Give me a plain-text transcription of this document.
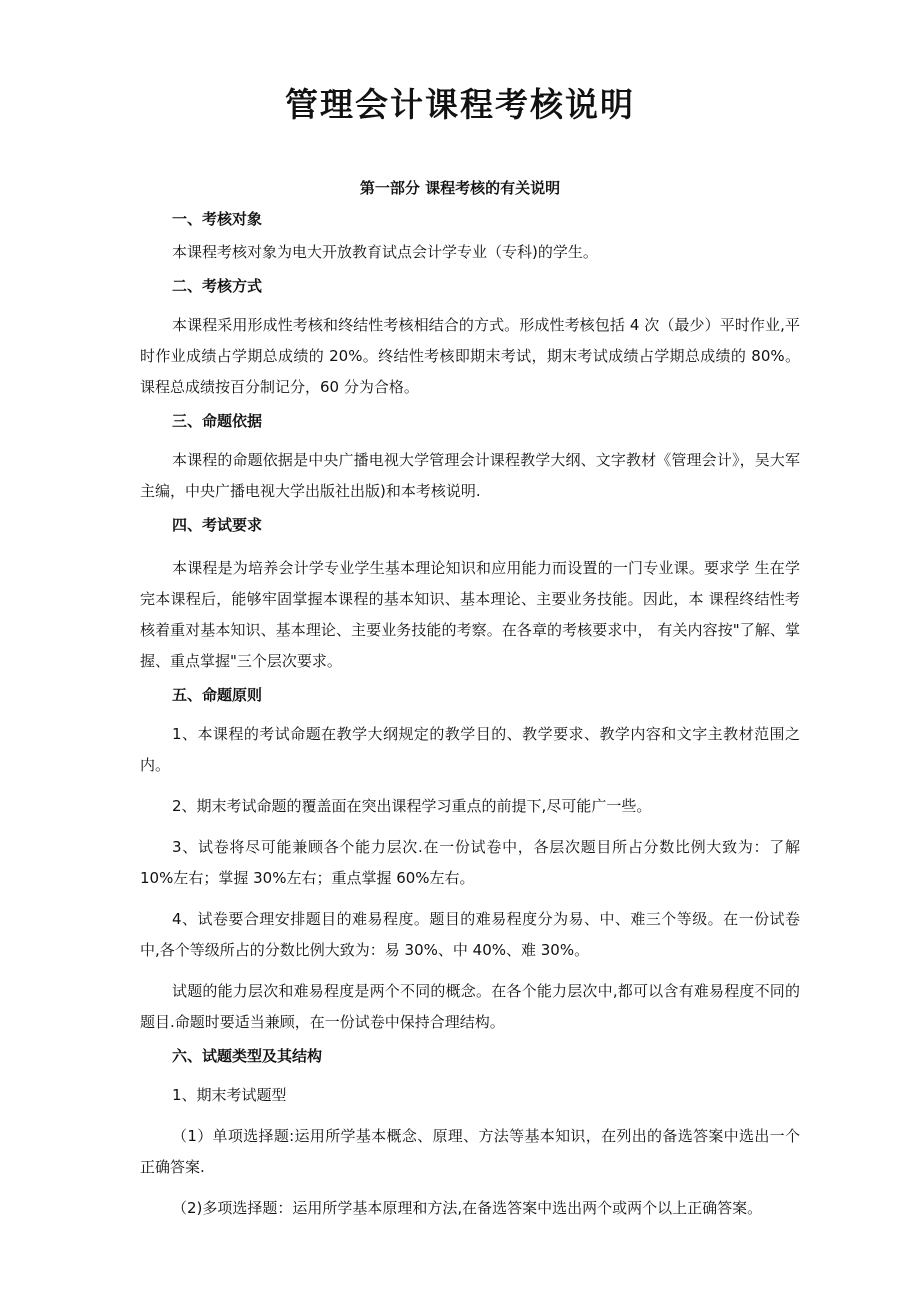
管理会计课程考核说明
第一部分 课程考核的有关说明
一、考核对象

本课程考核对象为电大开放教育试点会计学专业（专科)的学生。

二、考核方式

本课程采用形成性考核和终结性考核相结合的方式。形成性考核包括 4 次（最少）平时作业,平时作业成绩占学期总成绩的 20%。终结性考核即期末考试，期末考试成绩占学期总成绩的 80%。课程总成绩按百分制记分，60 分为合格。

三、命题依据

本课程的命题依据是中央广播电视大学管理会计课程教学大纲、文字教材《管理会计》，吴大军主编，中央广播电视大学出版社出版)和本考核说明.

四、考试要求

本课程是为培养会计学专业学生基本理论知识和应用能力而设置的一门专业课。要求学 生在学完本课程后，能够牢固掌握本课程的基本知识、基本理论、主要业务技能。因此，本 课程终结性考核着重对基本知识、基本理论、主要业务技能的考察。在各章的考核要求中， 有关内容按"了解、掌握、重点掌握"三个层次要求。

五、命题原则

1、本课程的考试命题在教学大纲规定的教学目的、教学要求、教学内容和文字主教材范围之内。

2、期末考试命题的覆盖面在突出课程学习重点的前提下,尽可能广一些。

3、试卷将尽可能兼顾各个能力层次.在一份试卷中，各层次题目所占分数比例大致为：了解 10%左右；掌握 30%左右；重点掌握 60%左右。

4、试卷要合理安排题目的难易程度。题目的难易程度分为易、中、难三个等级。在一份试卷中,各个等级所占的分数比例大致为：易 30%、中 40%、难 30%。

试题的能力层次和难易程度是两个不同的概念。在各个能力层次中,都可以含有难易程度不同的题目.命题时要适当兼顾，在一份试卷中保持合理结构。

六、试题类型及其结构

1、期末考试题型

（1）单项选择题:运用所学基本概念、原理、方法等基本知识，在列出的备选答案中选出一个正确答案.

（2)多项选择题：运用所学基本原理和方法,在备选答案中选出两个或两个以上正确答案。
